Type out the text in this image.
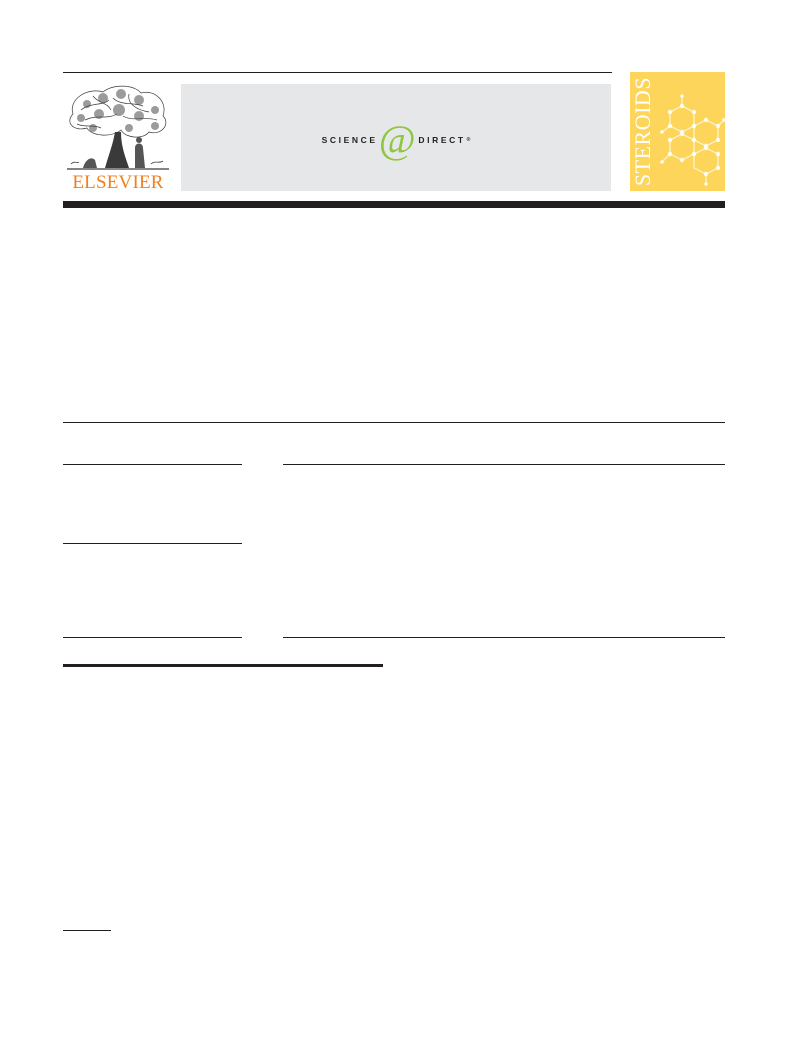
ELSEVIER
SCIENCE @ DIRECT ®	STEROIDS
